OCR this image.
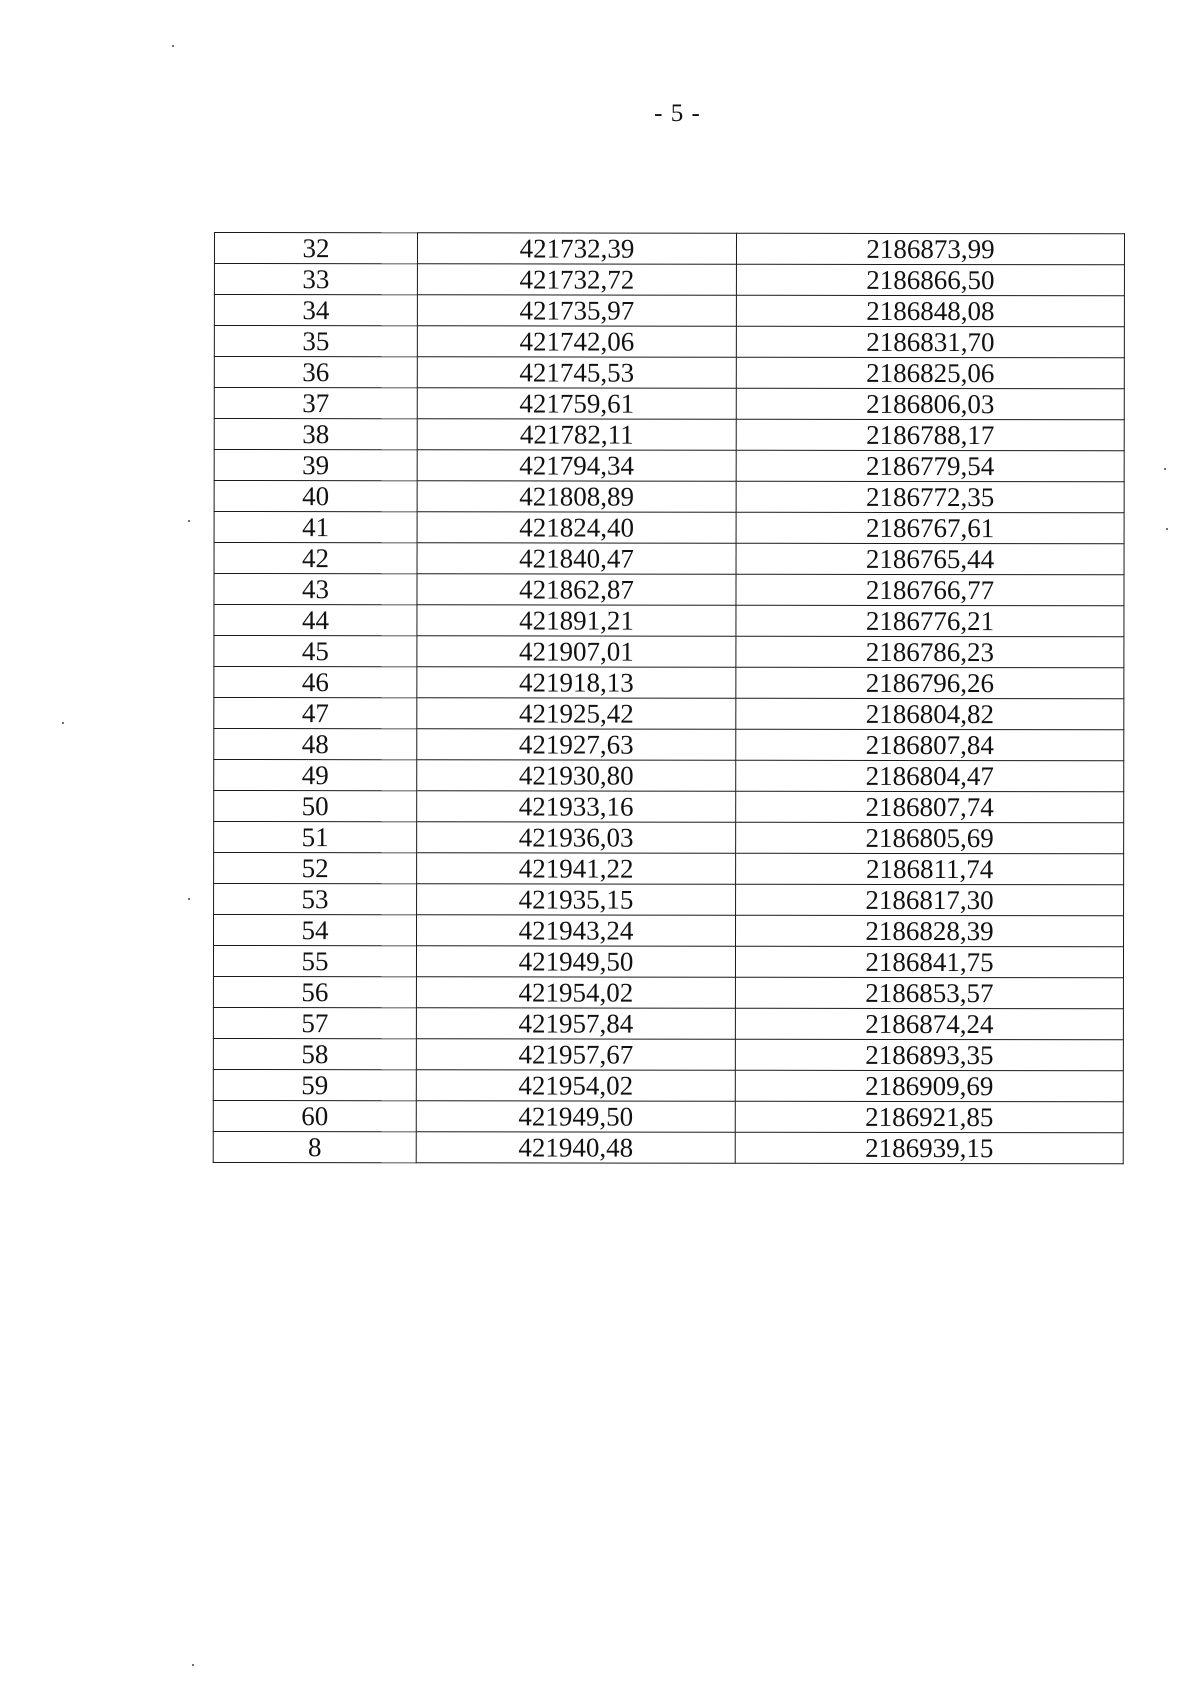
- 5 -
32	421732,39	2186873,99
33	421732,72	2186866,50
34	421735,97	2186848,08
35	421742,06	2186831,70
36	421745,53	2186825,06
37	421759,61	2186806,03
38	421782,11	2186788,17
39	421794,34	2186779,54
40	421808,89	2186772,35
41	421824,40	2186767,61
42	421840,47	2186765,44
43	421862,87	2186766,77
44	421891,21	2186776,21
45	421907,01	2186786,23
46	421918,13	2186796,26
47	421925,42	2186804,82
48	421927,63	2186807,84
49	421930,80	2186804,47
50	421933,16	2186807,74
51	421936,03	2186805,69
52	421941,22	2186811,74
53	421935,15	2186817,30
54	421943,24	2186828,39
55	421949,50	2186841,75
56	421954,02	2186853,57
57	421957,84	2186874,24
58	421957,67	2186893,35
59	421954,02	2186909,69
60	421949,50	2186921,85
8	421940,48	2186939,15
